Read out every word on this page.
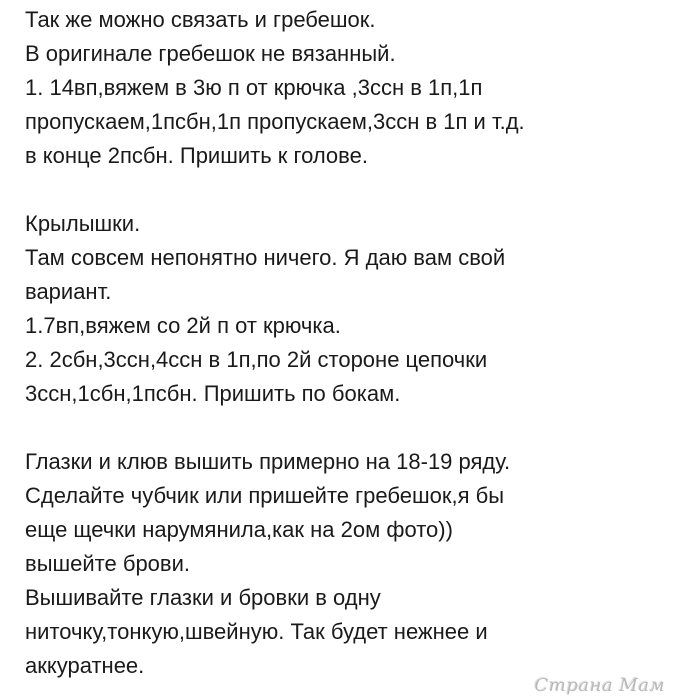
Так же можно связать и гребешок.
В оригинале гребешок не вязанный.
1. 14вп,вяжем в 3ю п от крючка ,3ссн в 1п,1п
пропускаем,1псбн,1п пропускаем,3ссн в 1п и т.д.
в конце 2псбн. Пришить к голове.
Крылышки.
Там совсем непонятно ничего. Я даю вам свой
вариант.
1.7вп,вяжем со 2й п от крючка.
2. 2сбн,3ссн,4ссн в 1п,по 2й стороне цепочки
3ссн,1сбн,1псбн. Пришить по бокам.
Глазки и клюв вышить примерно на 18-19 ряду.
Сделайте чубчик или пришейте гребешок,я бы
еще щечки нарумянила,как на 2ом фото))
вышейте брови.
Вышивайте глазки и бровки в одну
ниточку,тонкую,швейную. Так будет нежнее и
аккуратнее.
Страна Мам
